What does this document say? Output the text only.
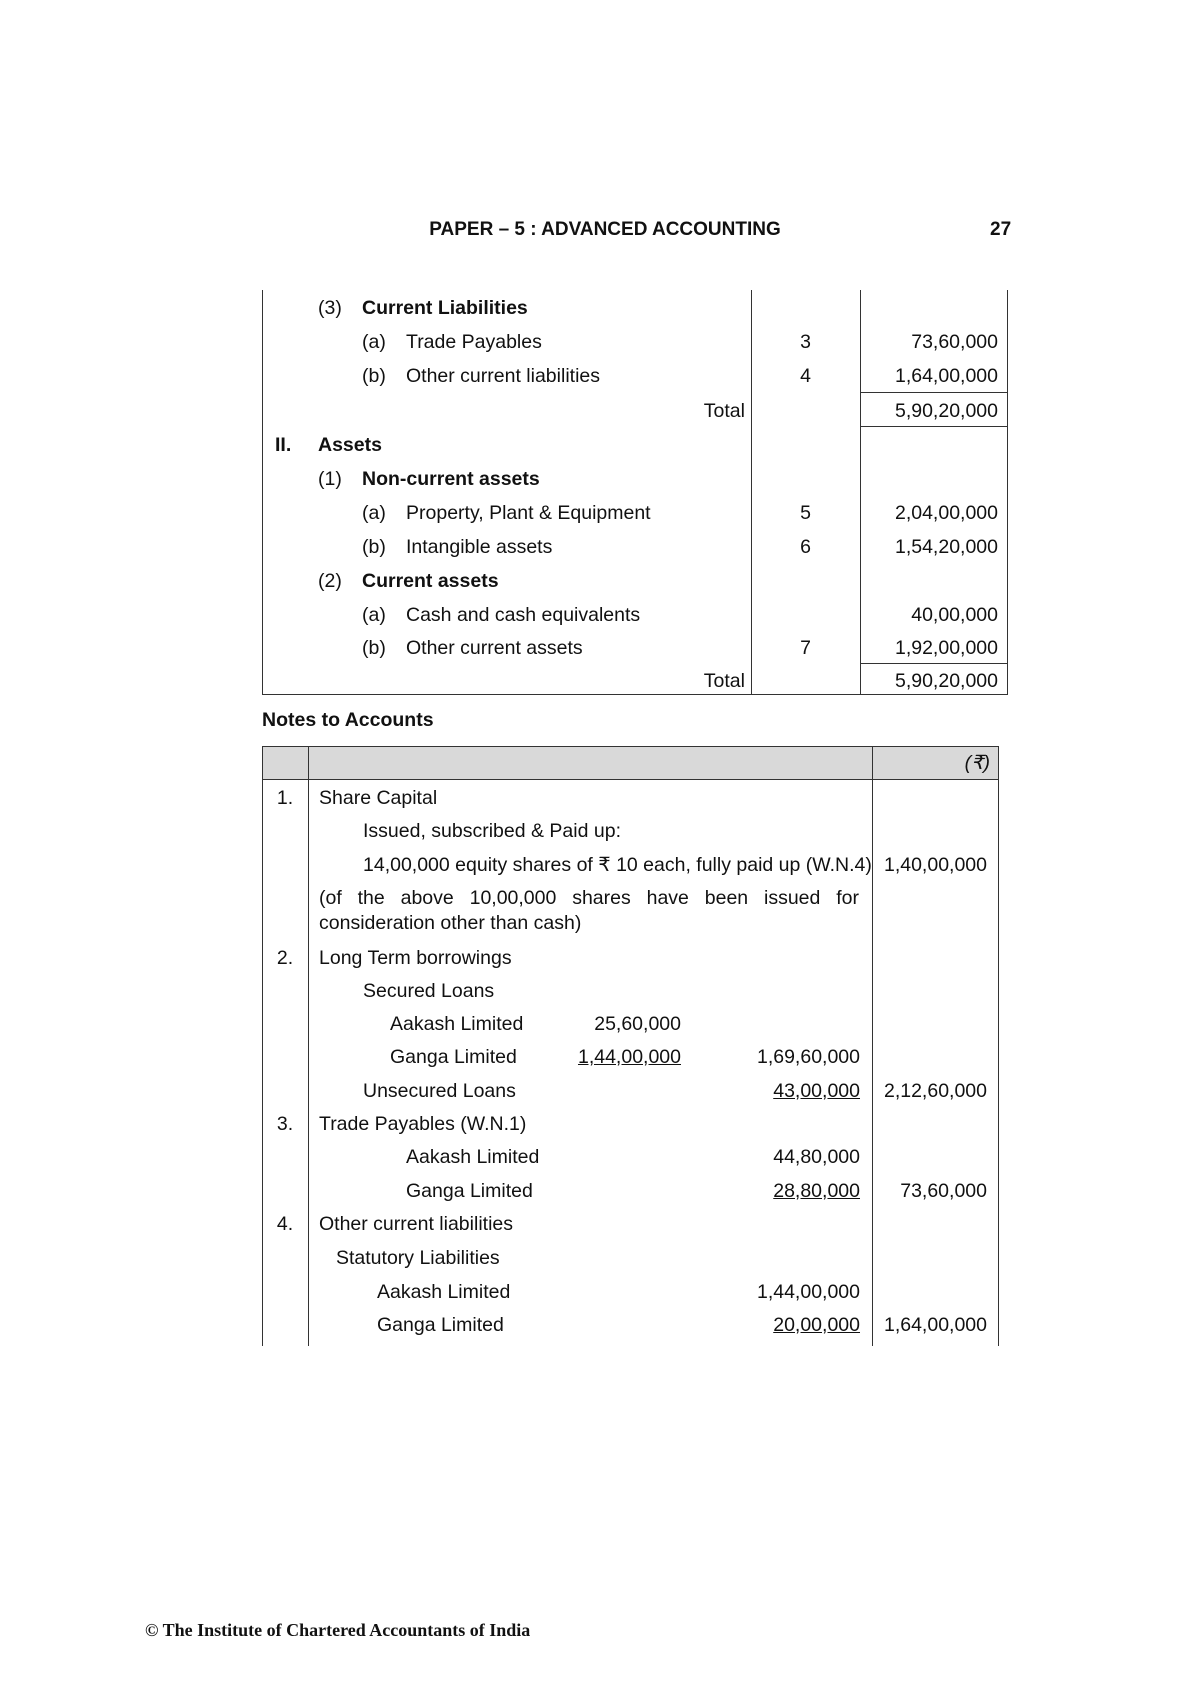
PAPER – 5 : ADVANCED ACCOUNTING	27
(3) Current Liabilities
(a) Trade Payables	3	73,60,000
(b) Other current liabilities	4	1,64,00,000
Total	5,90,20,000
II. Assets
(1) Non-current assets
(a) Property, Plant & Equipment	5	2,04,00,000
(b) Intangible assets	6	1,54,20,000
(2) Current assets
(a) Cash and cash equivalents	40,00,000
(b) Other current assets	7	1,92,00,000
Total	5,90,20,000
Notes to Accounts
(₹)
1.	Share Capital
Issued, subscribed & Paid up:
14,00,000 equity shares of ₹ 10 each, fully paid up (W.N.4) 1,40,00,000
(of the above 10,00,000 shares have been issued for
consideration other than cash)
2.	Long Term borrowings
Secured Loans
Aakash Limited	25,60,000
Ganga Limited	1,44,00,000	1,69,60,000
Unsecured Loans	43,00,000	2,12,60,000
3.	Trade Payables (W.N.1)
Aakash Limited	44,80,000
Ganga Limited	28,80,000	73,60,000
4.	Other current liabilities
Statutory Liabilities
Aakash Limited	1,44,00,000
Ganga Limited	20,00,000	1,64,00,000
© The Institute of Chartered Accountants of India
